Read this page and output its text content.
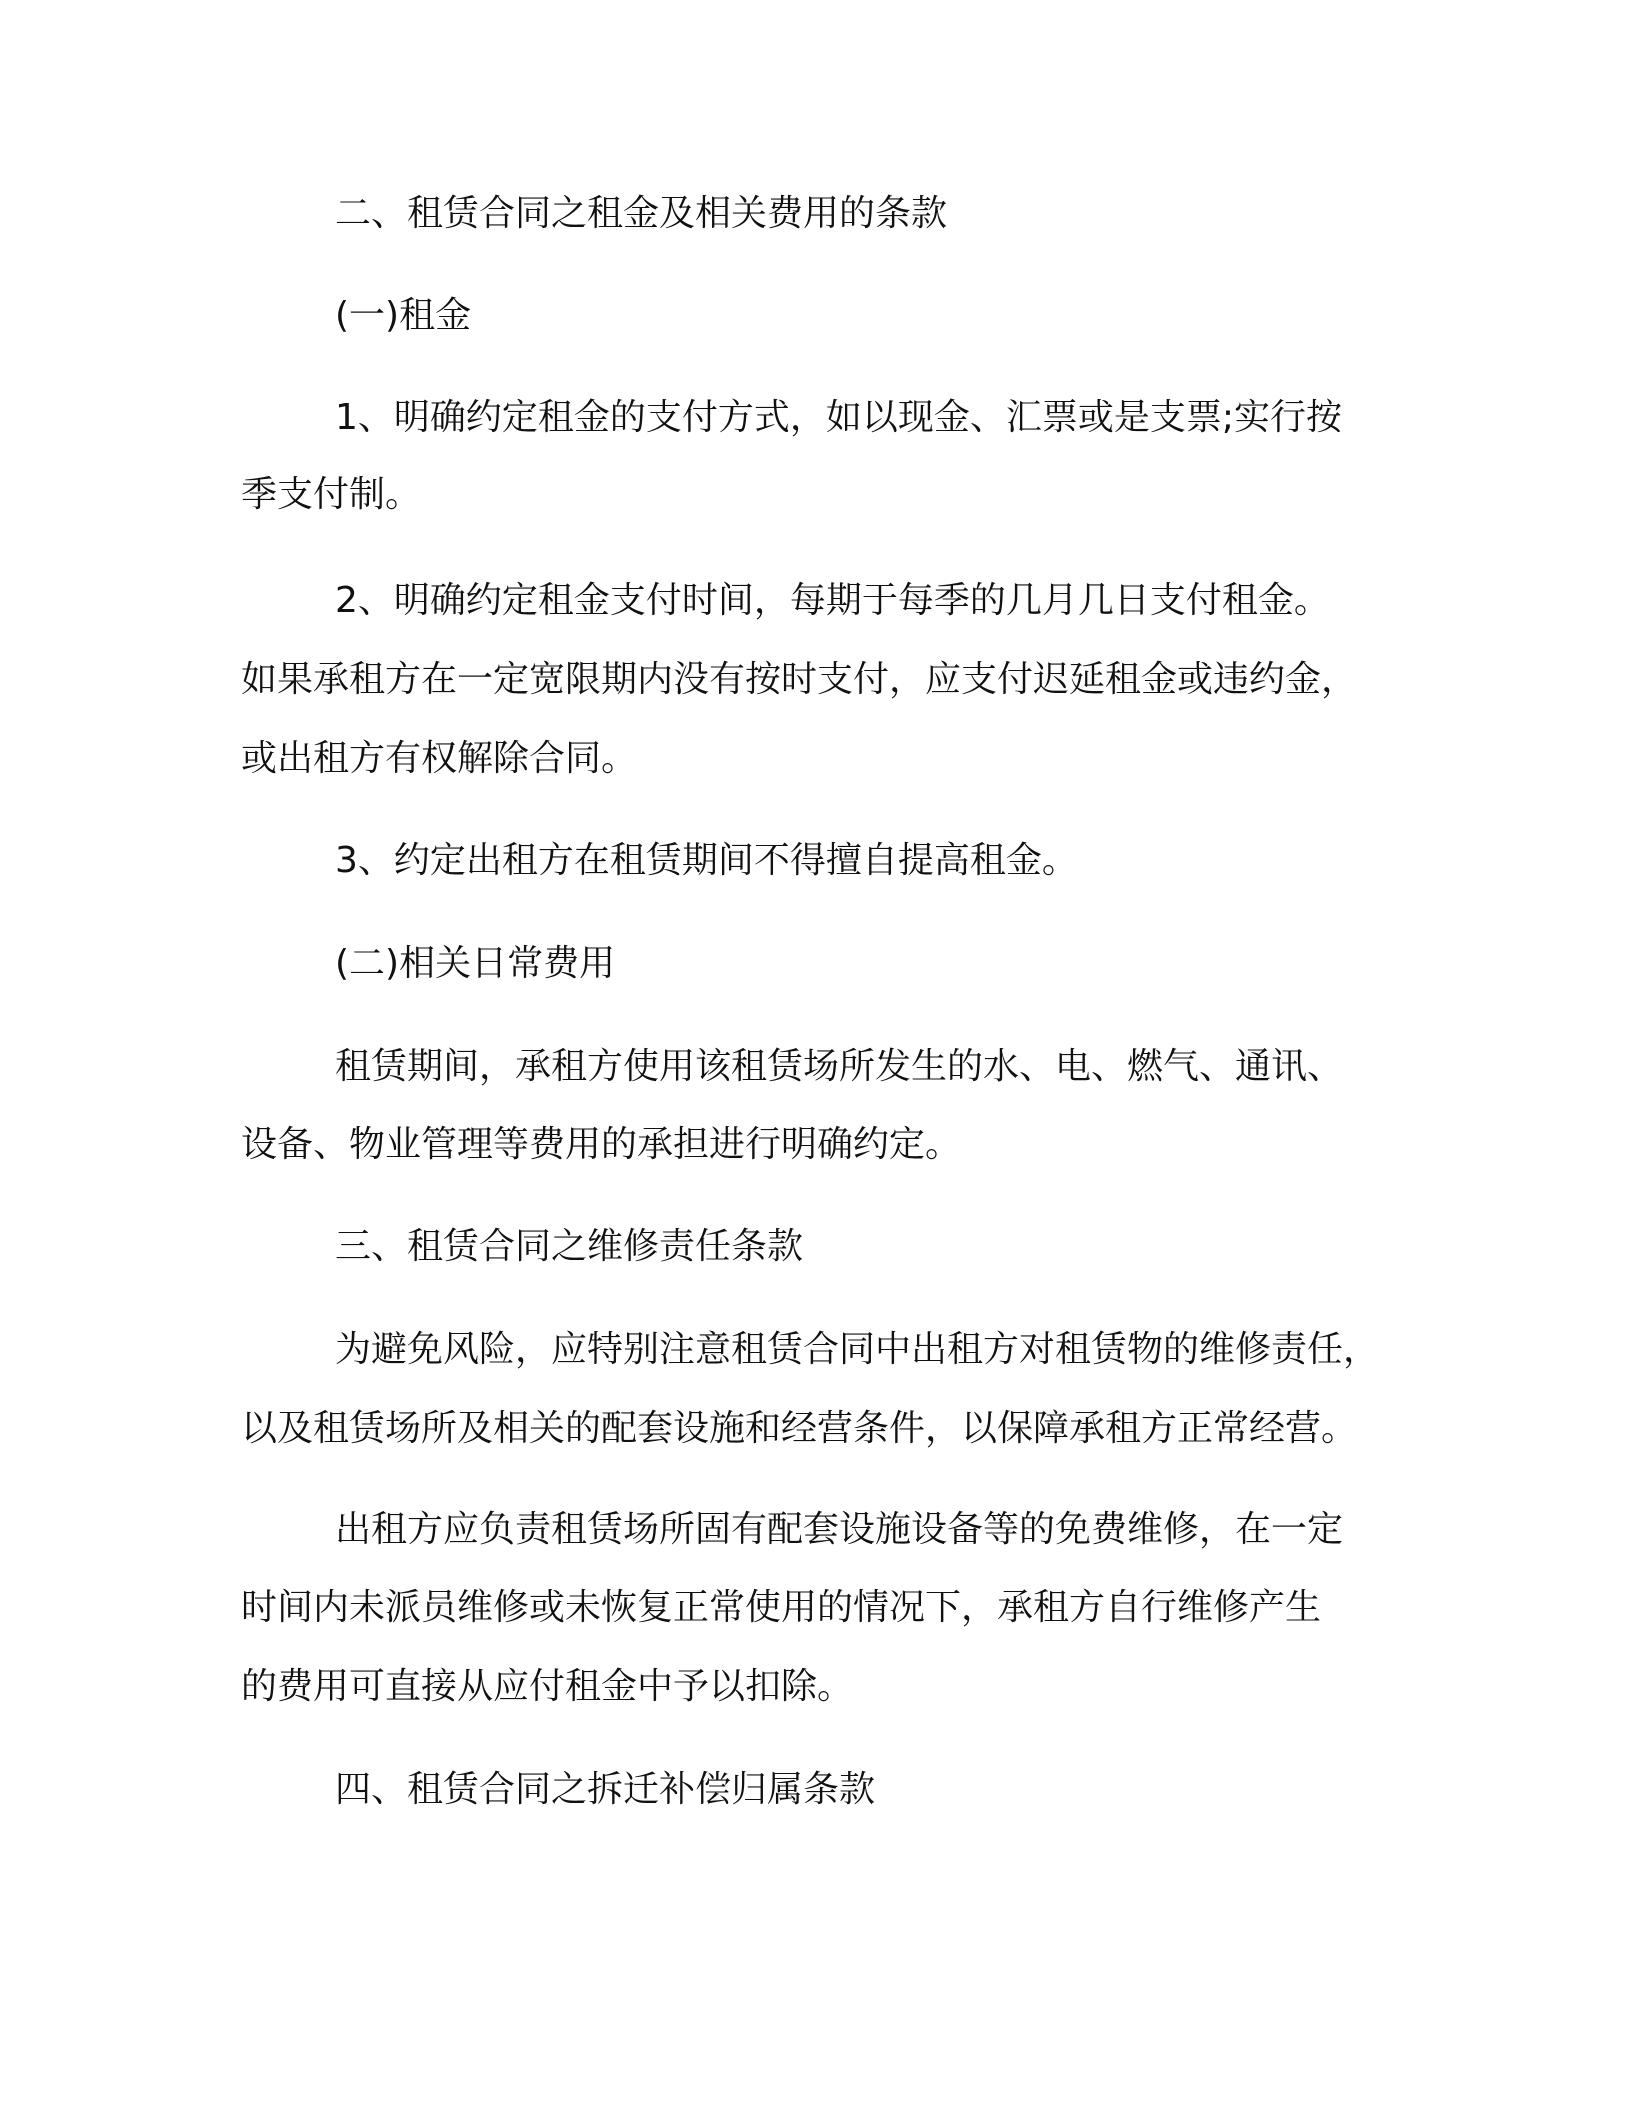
二、租赁合同之租金及相关费用的条款
(一)租金
1、明确约定租金的支付方式，如以现金、汇票或是支票;实行按
季支付制。
2、明确约定租金支付时间，每期于每季的几月几日支付租金。
如果承租方在一定宽限期内没有按时支付，应支付迟延租金或违约金，
或出租方有权解除合同。
3、约定出租方在租赁期间不得擅自提高租金。
(二)相关日常费用
租赁期间，承租方使用该租赁场所发生的水、电、燃气、通讯、
设备、物业管理等费用的承担进行明确约定。
三、租赁合同之维修责任条款
为避免风险，应特别注意租赁合同中出租方对租赁物的维修责任，
以及租赁场所及相关的配套设施和经营条件，以保障承租方正常经营。
出租方应负责租赁场所固有配套设施设备等的免费维修，在一定
时间内未派员维修或未恢复正常使用的情况下，承租方自行维修产生
的费用可直接从应付租金中予以扣除。
四、租赁合同之拆迁补偿归属条款
